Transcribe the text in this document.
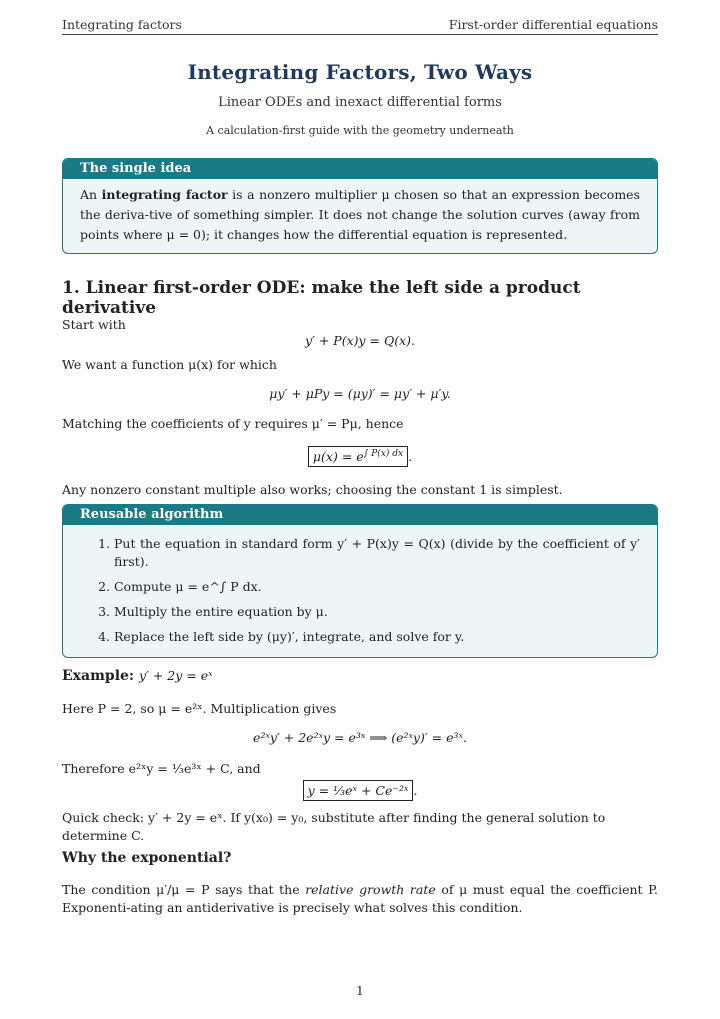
Integrating factors	First-order differential equations
Integrating Factors, Two Ways
Linear ODEs and inexact differential forms
A calculation-first guide with the geometry underneath
The single idea
An integrating factor is a nonzero multiplier μ chosen so that an expression becomes the deriva-tive of something simpler. It does not change the solution curves (away from points where μ = 0); it changes how the differential equation is represented.
1. Linear first-order ODE: make the left side a product derivative
Start with
y′ + P(x)y = Q(x).
We want a function μ(x) for which
μy′ + μPy = (μy)′ = μy′ + μ′y.
Matching the coefficients of y requires μ′ = Pμ, hence
$\mu(x) = e^{\int P(x) dx}$ .
Any nonzero constant multiple also works; choosing the constant 1 is simplest.
Reusable algorithm
1. Put the equation in standard form y′ + P(x)y = Q(x) (divide by the coefficient of y′ first).
2. Compute μ = e^∫ P dx.
3. Multiply the entire equation by μ.
4. Replace the left side by (μy)′, integrate, and solve for y.
Example: y′ + 2y = eˣ
Here P = 2, so μ = e²ˣ. Multiplication gives
e²ˣy′ + 2e²ˣy = e³ˣ ⟹ (e²ˣy)′ = e³ˣ.
Therefore e²ˣy = ⅓e³ˣ + C, and
y = ⅓eˣ + Ce⁻²ˣ .
Quick check: y′ + 2y = eˣ. If y(x₀) = y₀, substitute after finding the general solution to determine C.
Why the exponential?
The condition μ′/μ = P says that the relative growth rate of μ must equal the coefficient P. Exponenti-ating an antiderivative is precisely what solves this condition.
1
